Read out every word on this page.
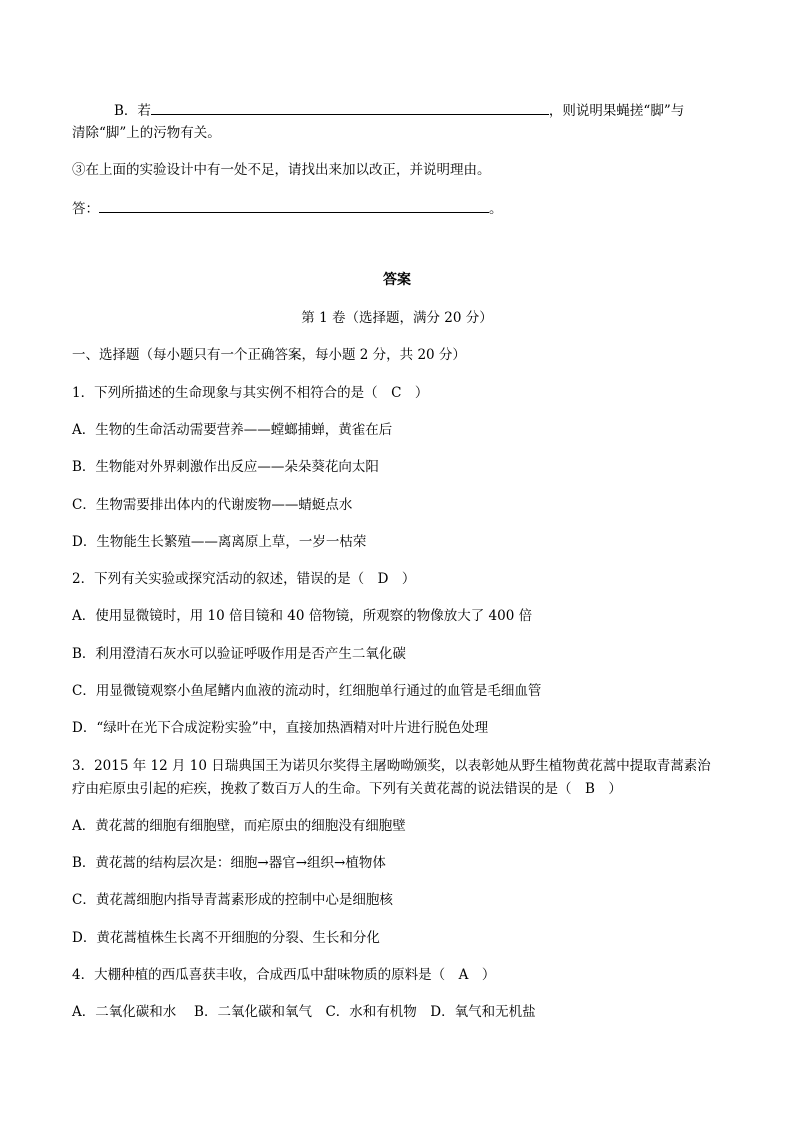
B．若	，则说明果蝇搓“脚”与
清除“脚”上的污物有关。
③在上面的实验设计中有一处不足，请找出来加以改正，并说明理由。
答：	。
答案
第 1 卷（选择题，满分 20 分）
一、选择题（每小题只有一个正确答案，每小题 2 分，共 20 分）
1．下列所描述的生命现象与其实例不相符合的是（　C　）
A．生物的生命活动需要营养——螳螂捕蝉，黄雀在后
B．生物能对外界刺激作出反应——朵朵葵花向太阳
C．生物需要排出体内的代谢废物——蜻蜓点水
D．生物能生长繁殖——离离原上草，一岁一枯荣
2．下列有关实验或探究活动的叙述，错误的是（　D　）
A．使用显微镜时，用 10 倍目镜和 40 倍物镜，所观察的物像放大了 400 倍
B．利用澄清石灰水可以验证呼吸作用是否产生二氧化碳
C．用显微镜观察小鱼尾鳍内血液的流动时，红细胞单行通过的血管是毛细血管
D．“绿叶在光下合成淀粉实验”中，直接加热酒精对叶片进行脱色处理
3．2015 年 12 月 10 日瑞典国王为诺贝尔奖得主屠呦呦颁奖，以表彰她从野生植物黄花蒿中提取青蒿素治
疗由疟原虫引起的疟疾，挽救了数百万人的生命。下列有关黄花蒿的说法错误的是（　B　）
A．黄花蒿的细胞有细胞壁，而疟原虫的细胞没有细胞壁
B．黄花蒿的结构层次是：细胞→器官→组织→植物体
C．黄花蒿细胞内指导青蒿素形成的控制中心是细胞核
D．黄花蒿植株生长离不开细胞的分裂、生长和分化
4．大棚种植的西瓜喜获丰收，合成西瓜中甜味物质的原料是（　A　）
A．二氧化碳和水　 B．二氧化碳和氧气　C．水和有机物　D．氧气和无机盐
